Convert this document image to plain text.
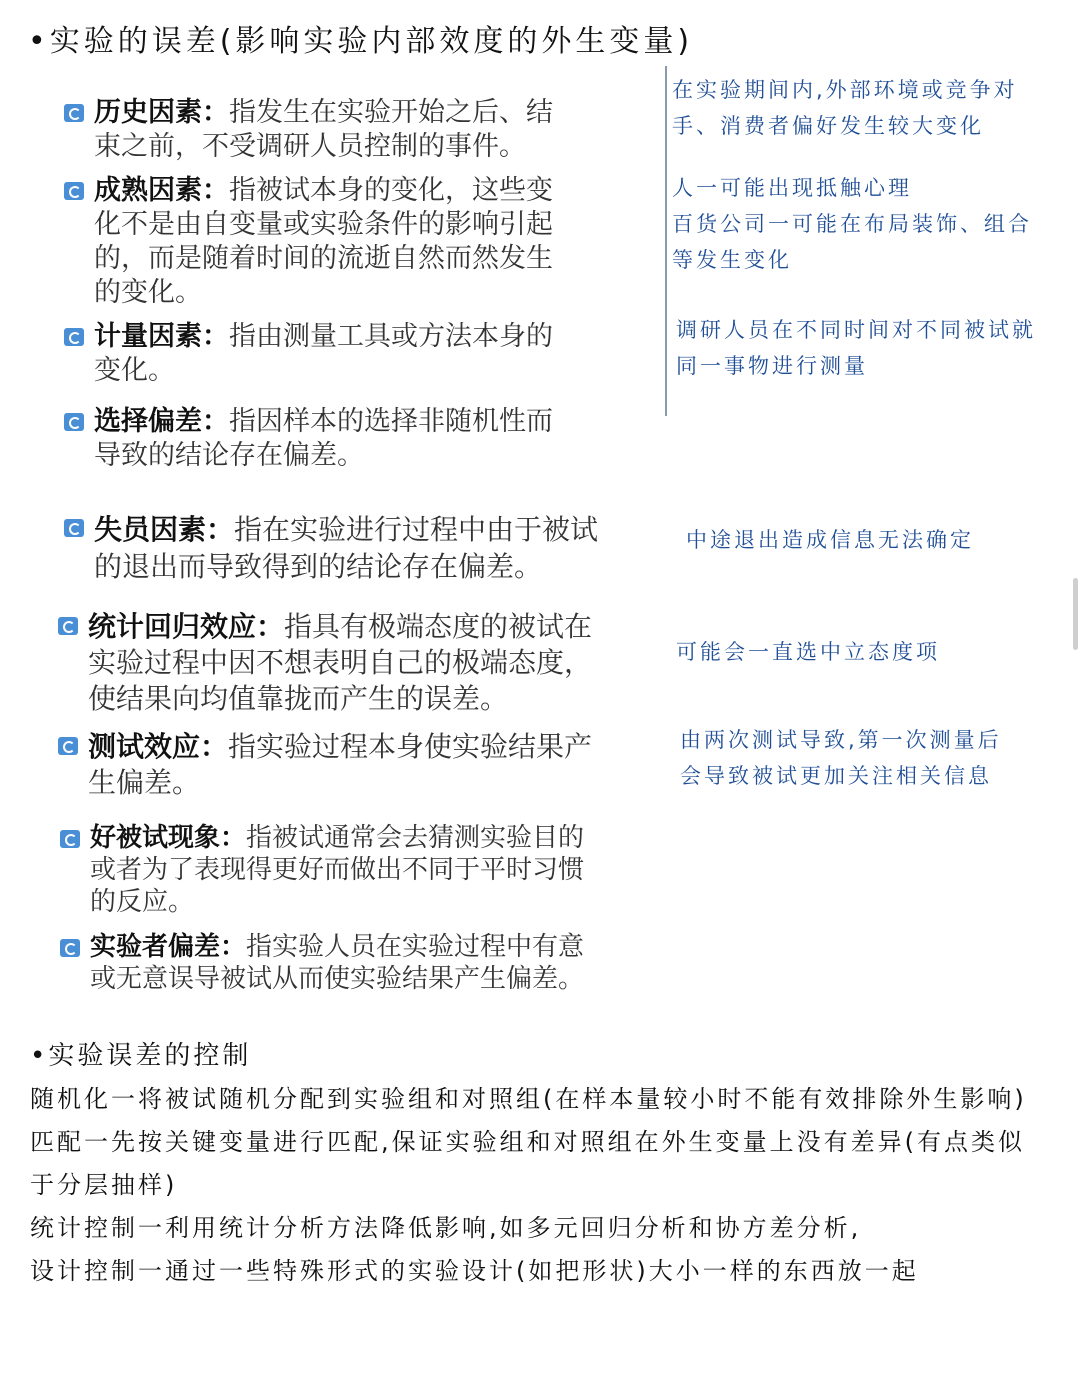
•实验的误差(影响实验内部效度的外生变量)
历史因素：指发生在实验开始之后、结束之前，不受调研人员控制的事件。
成熟因素：指被试本身的变化，这些变化不是由自变量或实验条件的影响引起的，而是随着时间的流逝自然而然发生的变化。
计量因素：指由测量工具或方法本身的变化。
选择偏差：指因样本的选择非随机性而导致的结论存在偏差。
失员因素：指在实验进行过程中由于被试的退出而导致得到的结论存在偏差。
统计回归效应：指具有极端态度的被试在实验过程中因不想表明自己的极端态度，使结果向均值靠拢而产生的误差。
测试效应：指实验过程本身使实验结果产生偏差。
好被试现象：指被试通常会去猜测实验目的或者为了表现得更好而做出不同于平时习惯的反应。
实验者偏差：指实验人员在实验过程中有意或无意误导被试从而使实验结果产生偏差。
在实验期间内,外部环境或竞争对
手、消费者偏好发生较大变化
人一可能出现抵触心理
百货公司一可能在布局装饰、组合
等发生变化
调研人员在不同时间对不同被试就
同一事物进行测量
中途退出造成信息无法确定
可能会一直选中立态度项
由两次测试导致,第一次测量后
会导致被试更加关注相关信息
•实验误差的控制
随机化一将被试随机分配到实验组和对照组(在样本量较小时不能有效排除外生影响)
匹配一先按关键变量进行匹配,保证实验组和对照组在外生变量上没有差异(有点类似于分层抽样)
统计控制一利用统计分析方法降低影响,如多元回归分析和协方差分析,
设计控制一通过一些特殊形式的实验设计(如把形状)大小一样的东西放一起
